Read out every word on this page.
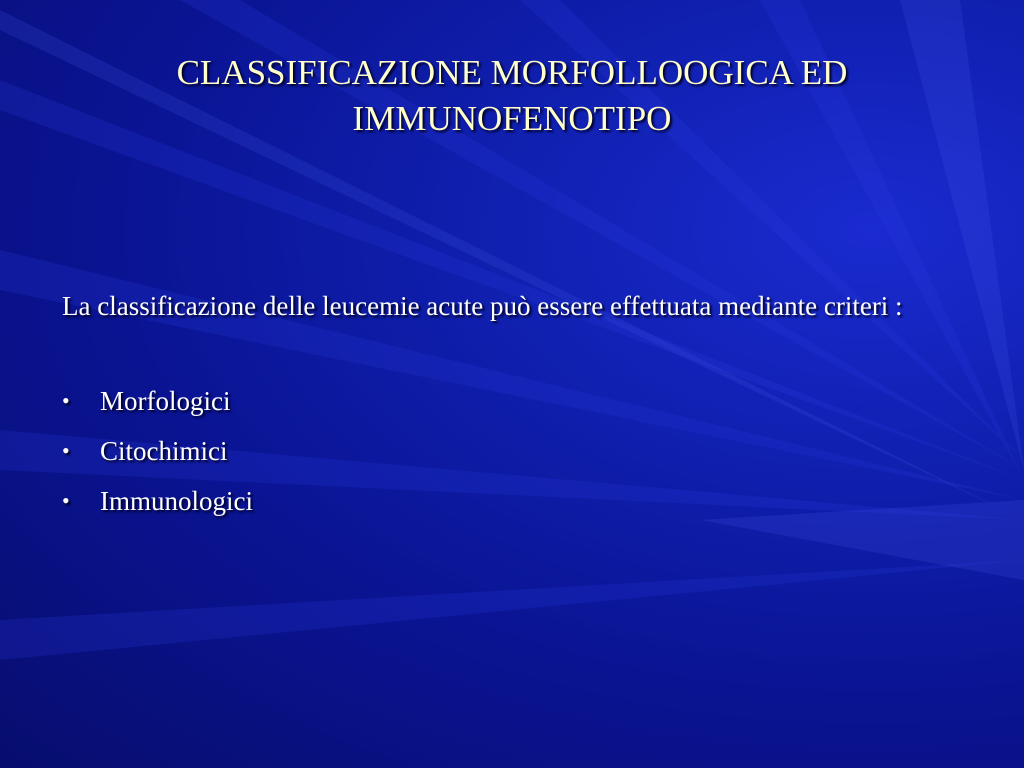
CLASSIFICAZIONE MORFOLLOOGICA ED
IMMUNOFENOTIPO

La classificazione delle leucemie acute può essere effettuata mediante criteri :

• Morfologici
• Citochimici
• Immunologici
